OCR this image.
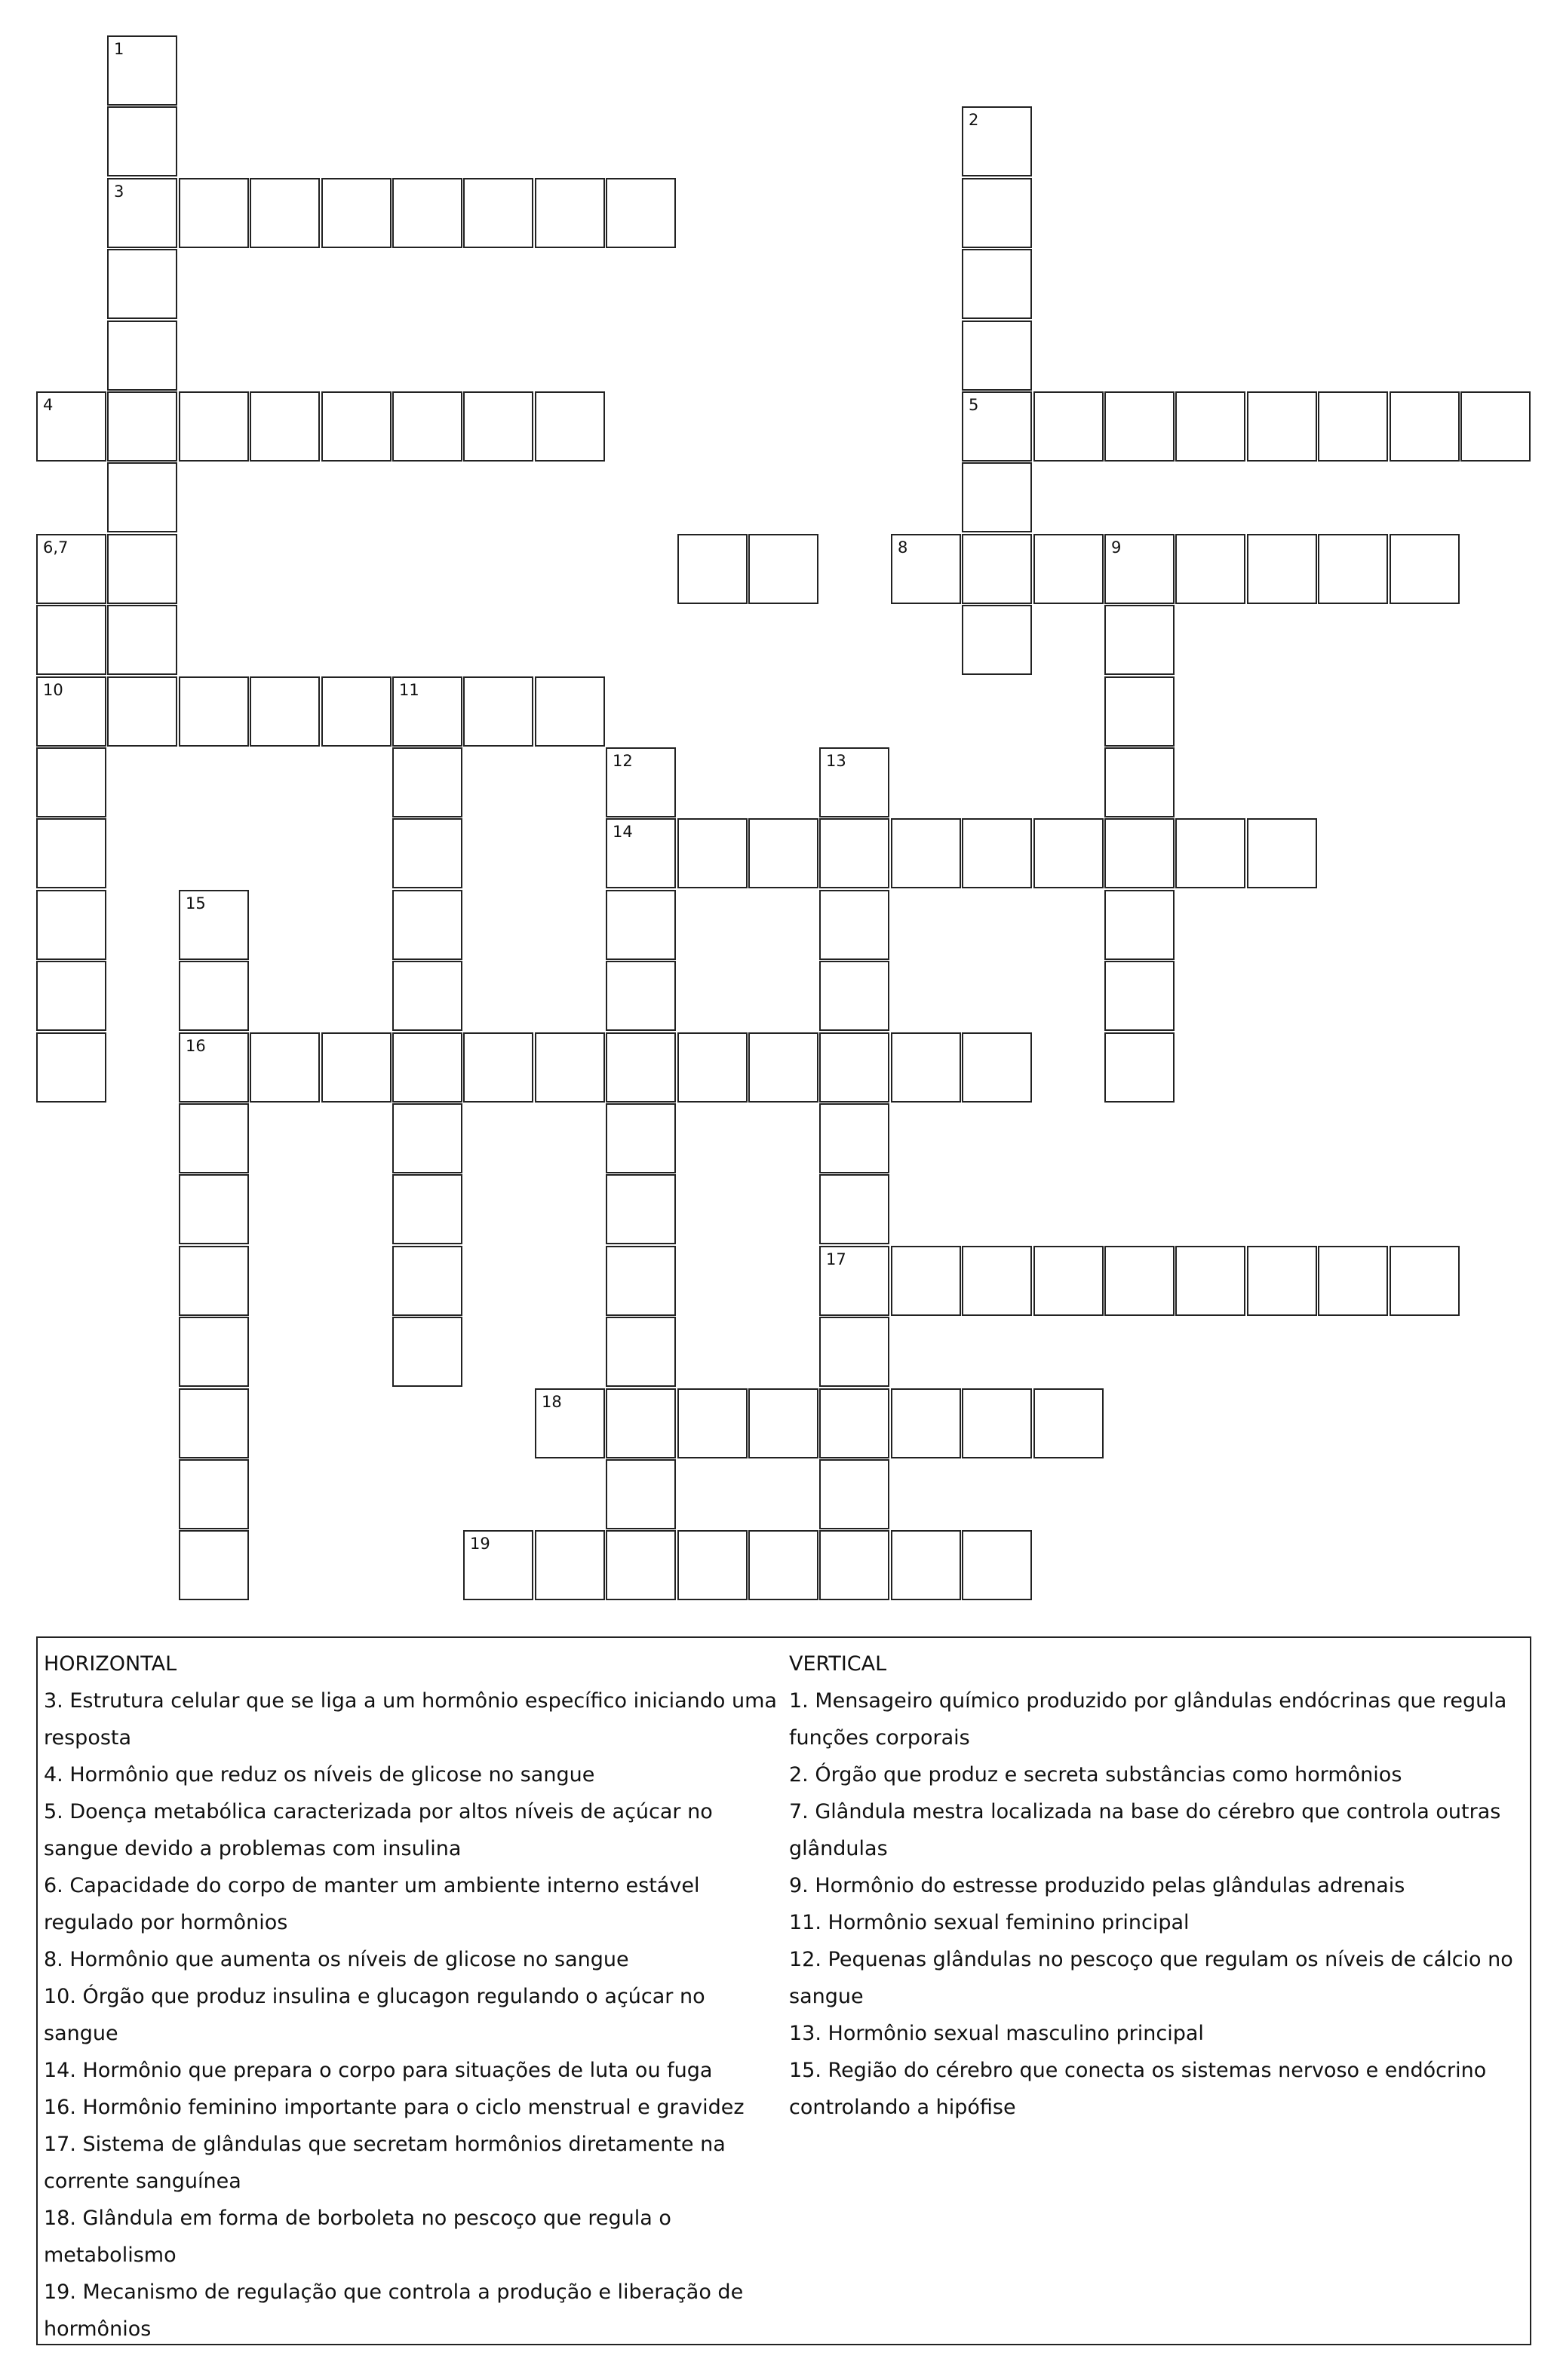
1
3
2
5
4
6,7	8	9
10	11
12
14
13
17
15
16
18
19
HORIZONTAL
3. Estrutura celular que se liga a um hormônio específico iniciando uma resposta
4. Hormônio que reduz os níveis de glicose no sangue
5. Doença metabólica caracterizada por altos níveis de açúcar no sangue devido a problemas com insulina
6. Capacidade do corpo de manter um ambiente interno estável regulado por hormônios
8. Hormônio que aumenta os níveis de glicose no sangue
10. Órgão que produz insulina e glucagon regulando o açúcar no sangue
14. Hormônio que prepara o corpo para situações de luta ou fuga
16. Hormônio feminino importante para o ciclo menstrual e gravidez
17. Sistema de glândulas que secretam hormônios diretamente na corrente sanguínea
18. Glândula em forma de borboleta no pescoço que regula o metabolismo
19. Mecanismo de regulação que controla a produção e liberação de hormônios
VERTICAL
1. Mensageiro químico produzido por glândulas endócrinas que regula funções corporais
2. Órgão que produz e secreta substâncias como hormônios
7. Glândula mestra localizada na base do cérebro que controla outras glândulas
9. Hormônio do estresse produzido pelas glândulas adrenais
11. Hormônio sexual feminino principal
12. Pequenas glândulas no pescoço que regulam os níveis de cálcio no sangue
13. Hormônio sexual masculino principal
15. Região do cérebro que conecta os sistemas nervoso e endócrino controlando a hipófise
